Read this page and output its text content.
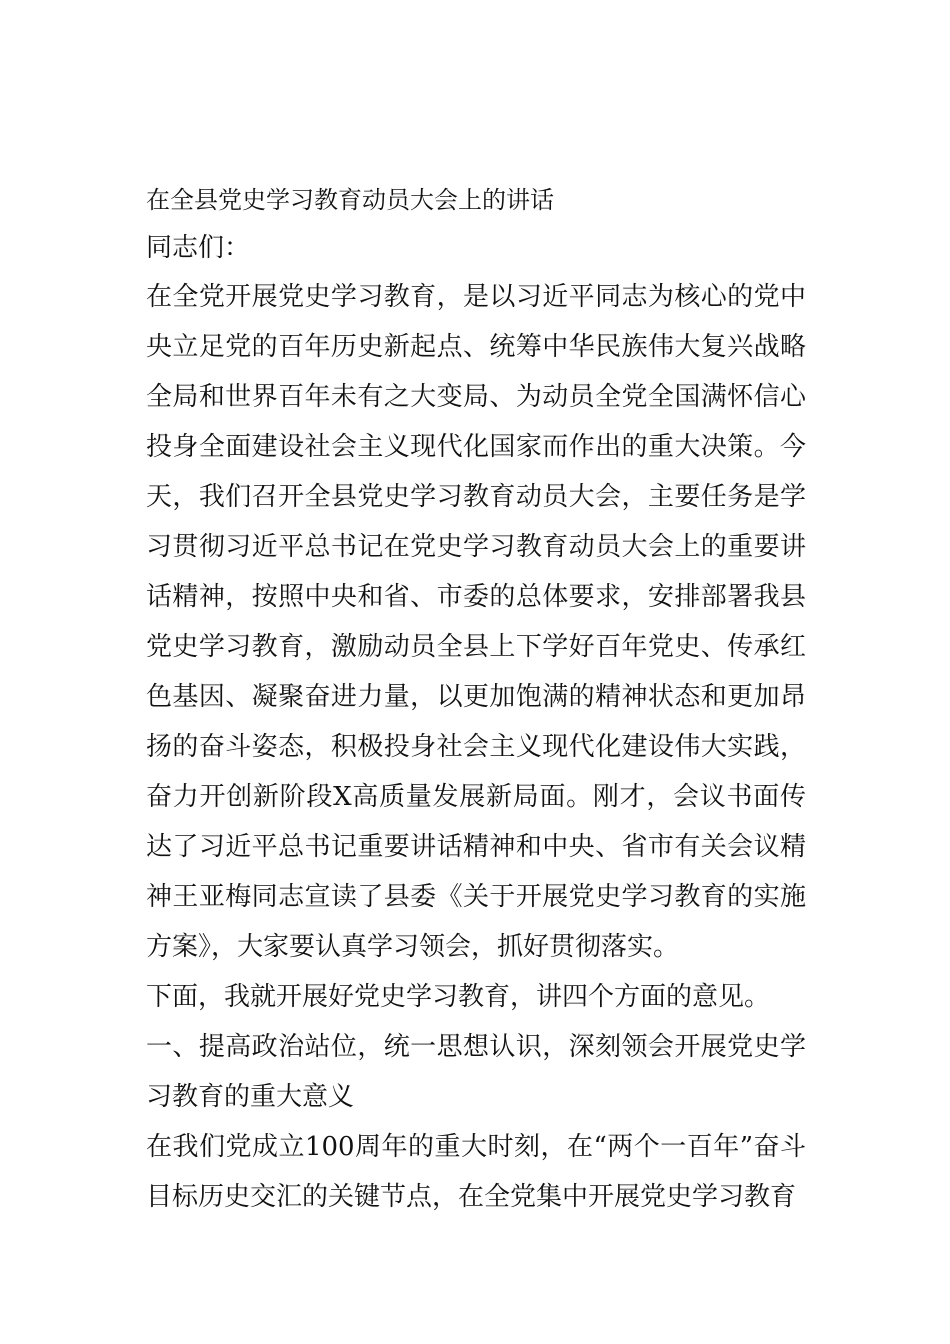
在全县党史学习教育动员大会上的讲话

同志们：

在全党开展党史学习教育，是以习近平同志为核心的党中央立足党的百年历史新起点、统筹中华民族伟大复兴战略全局和世界百年未有之大变局、为动员全党全国满怀信心投身全面建设社会主义现代化国家而作出的重大决策。今天，我们召开全县党史学习教育动员大会，主要任务是学习贯彻习近平总书记在党史学习教育动员大会上的重要讲话精神，按照中央和省、市委的总体要求，安排部署我县党史学习教育，激励动员全县上下学好百年党史、传承红色基因、凝聚奋进力量，以更加饱满的精神状态和更加昂扬的奋斗姿态，积极投身社会主义现代化建设伟大实践，奋力开创新阶段X高质量发展新局面。刚才，会议书面传达了习近平总书记重要讲话精神和中央、省市有关会议精神王亚梅同志宣读了县委《关于开展党史学习教育的实施方案》，大家要认真学习领会，抓好贯彻落实。

下面，我就开展好党史学习教育，讲四个方面的意见。

一、提高政治站位，统一思想认识，深刻领会开展党史学习教育的重大意义

在我们党成立100周年的重大时刻，在“两个一百年”奋斗目标历史交汇的关键节点，在全党集中开展党史学习教育
